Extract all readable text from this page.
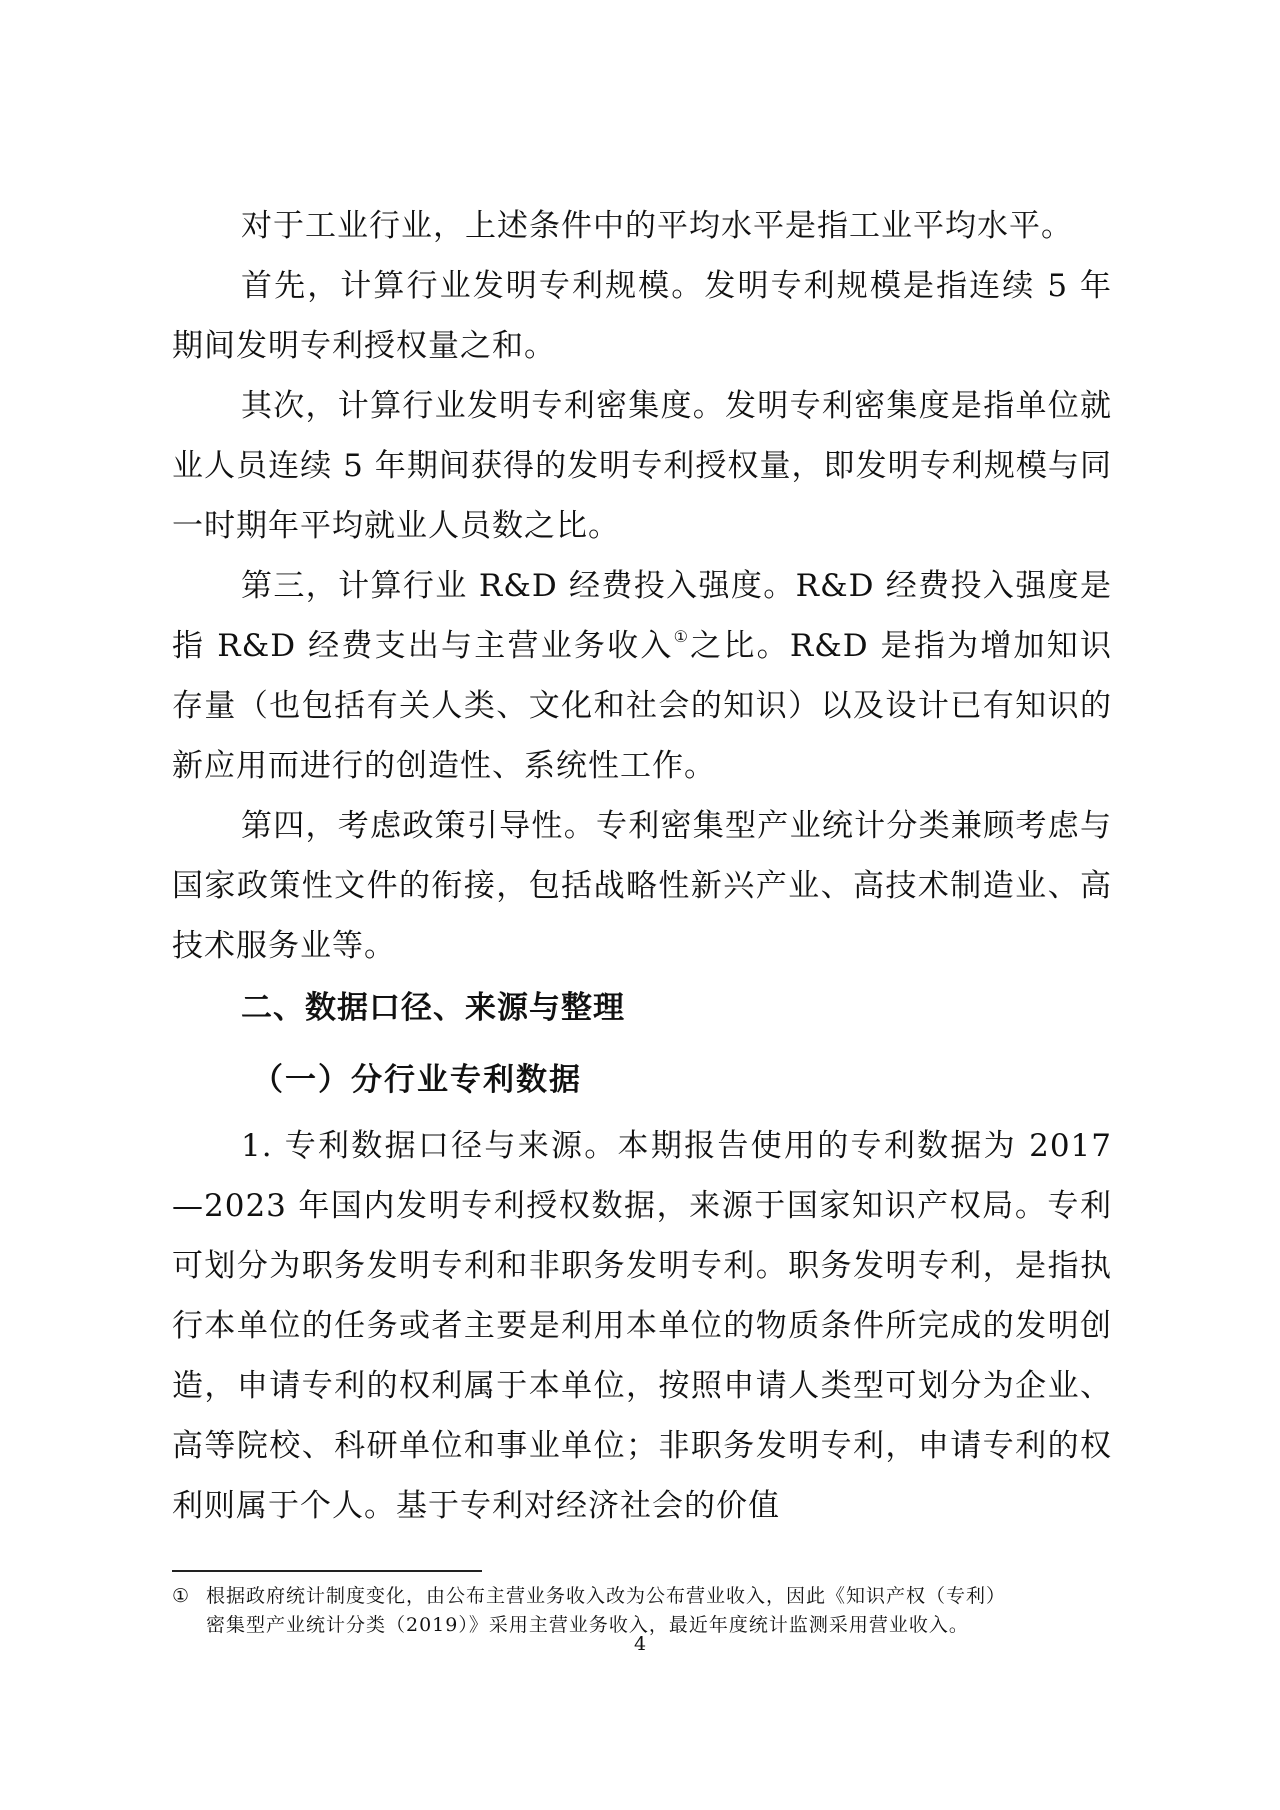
对于工业行业，上述条件中的平均水平是指工业平均水平。

首先，计算行业发明专利规模。发明专利规模是指连续 5 年期间发明专利授权量之和。

其次，计算行业发明专利密集度。发明专利密集度是指单位就业人员连续 5 年期间获得的发明专利授权量，即发明专利规模与同一时期年平均就业人员数之比。

第三，计算行业 R&D 经费投入强度。R&D 经费投入强度是指 R&D 经费支出与主营业务收入①之比。R&D 是指为增加知识存量（也包括有关人类、文化和社会的知识）以及设计已有知识的新应用而进行的创造性、系统性工作。

第四，考虑政策引导性。专利密集型产业统计分类兼顾考虑与国家政策性文件的衔接，包括战略性新兴产业、高技术制造业、高技术服务业等。

二、数据口径、来源与整理
（一）分行业专利数据

1. 专利数据口径与来源。本期报告使用的专利数据为 2017—2023 年国内发明专利授权数据，来源于国家知识产权局。专利可划分为职务发明专利和非职务发明专利。职务发明专利，是指执行本单位的任务或者主要是利用本单位的物质条件所完成的发明创造，申请专利的权利属于本单位，按照申请人类型可划分为企业、高等院校、科研单位和事业单位；非职务发明专利，申请专利的权利则属于个人。基于专利对经济社会的价值

① 根据政府统计制度变化，由公布主营业务收入改为公布营业收入，因此《知识产权（专利）
密集型产业统计分类（2019）》采用主营业务收入，最近年度统计监测采用营业收入。
4
